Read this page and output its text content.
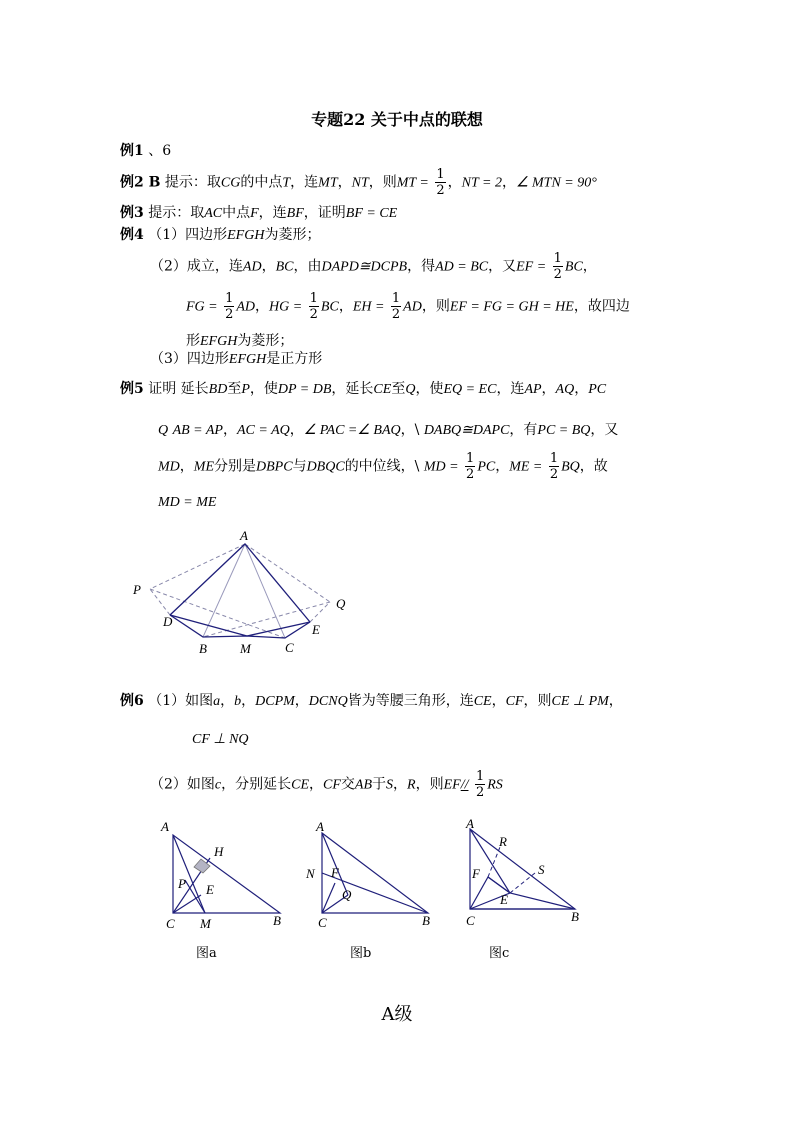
专题22 关于中点的联想
例1 、6
例2 B 提示：取CG的中点T，连MT，NT，则MT = $\frac{1}{2}$ ，NT = 2，∠ MTN = 90°
例3 提示：取AC中点F，连BF，证明BF = CE
例4 （1）四边形EFGH为菱形；
（2）成立，连AD，BC，由DAPD≅DCPB，得AD = BC，又EF = $\frac{1}{2}$ BC，
FG = $\frac{1}{2}$ AD，HG = $\frac{1}{2}$ BC，EH = $\frac{1}{2}$ AD，则EF = FG = GH = HE，故四边
形EFGH为菱形；
（3）四边形EFGH是正方形
例5 证明 延长BD至P，使DP = DB，延长CE至Q，使EQ = EC，连AP，AQ，PC
Q AB = AP，AC = AQ，∠ PAC =∠ BAQ，\ DABQ≅DAPC，有PC = BQ，又
MD，ME分别是DBPC与DBQC的中位线，\ MD = $\frac{1}{2}$ PC，ME = $\frac{1}{2}$ BQ，故
MD = ME
A
P
Q
D
E
B	M	C
例6 （1）如图a，b，DCPM，DCNQ皆为等腰三角形，连CE，CF，则CE ⊥ PM，
CF ⊥ NQ
（2）如图c，分别延长CE，CF交AB于S，R，则$EF// \frac{1}{2}$ RS
A
H
P E
C M	B
图a
A
N F
Q
C	B
图b
A
R
S
F
E
C	B
图c
A级
